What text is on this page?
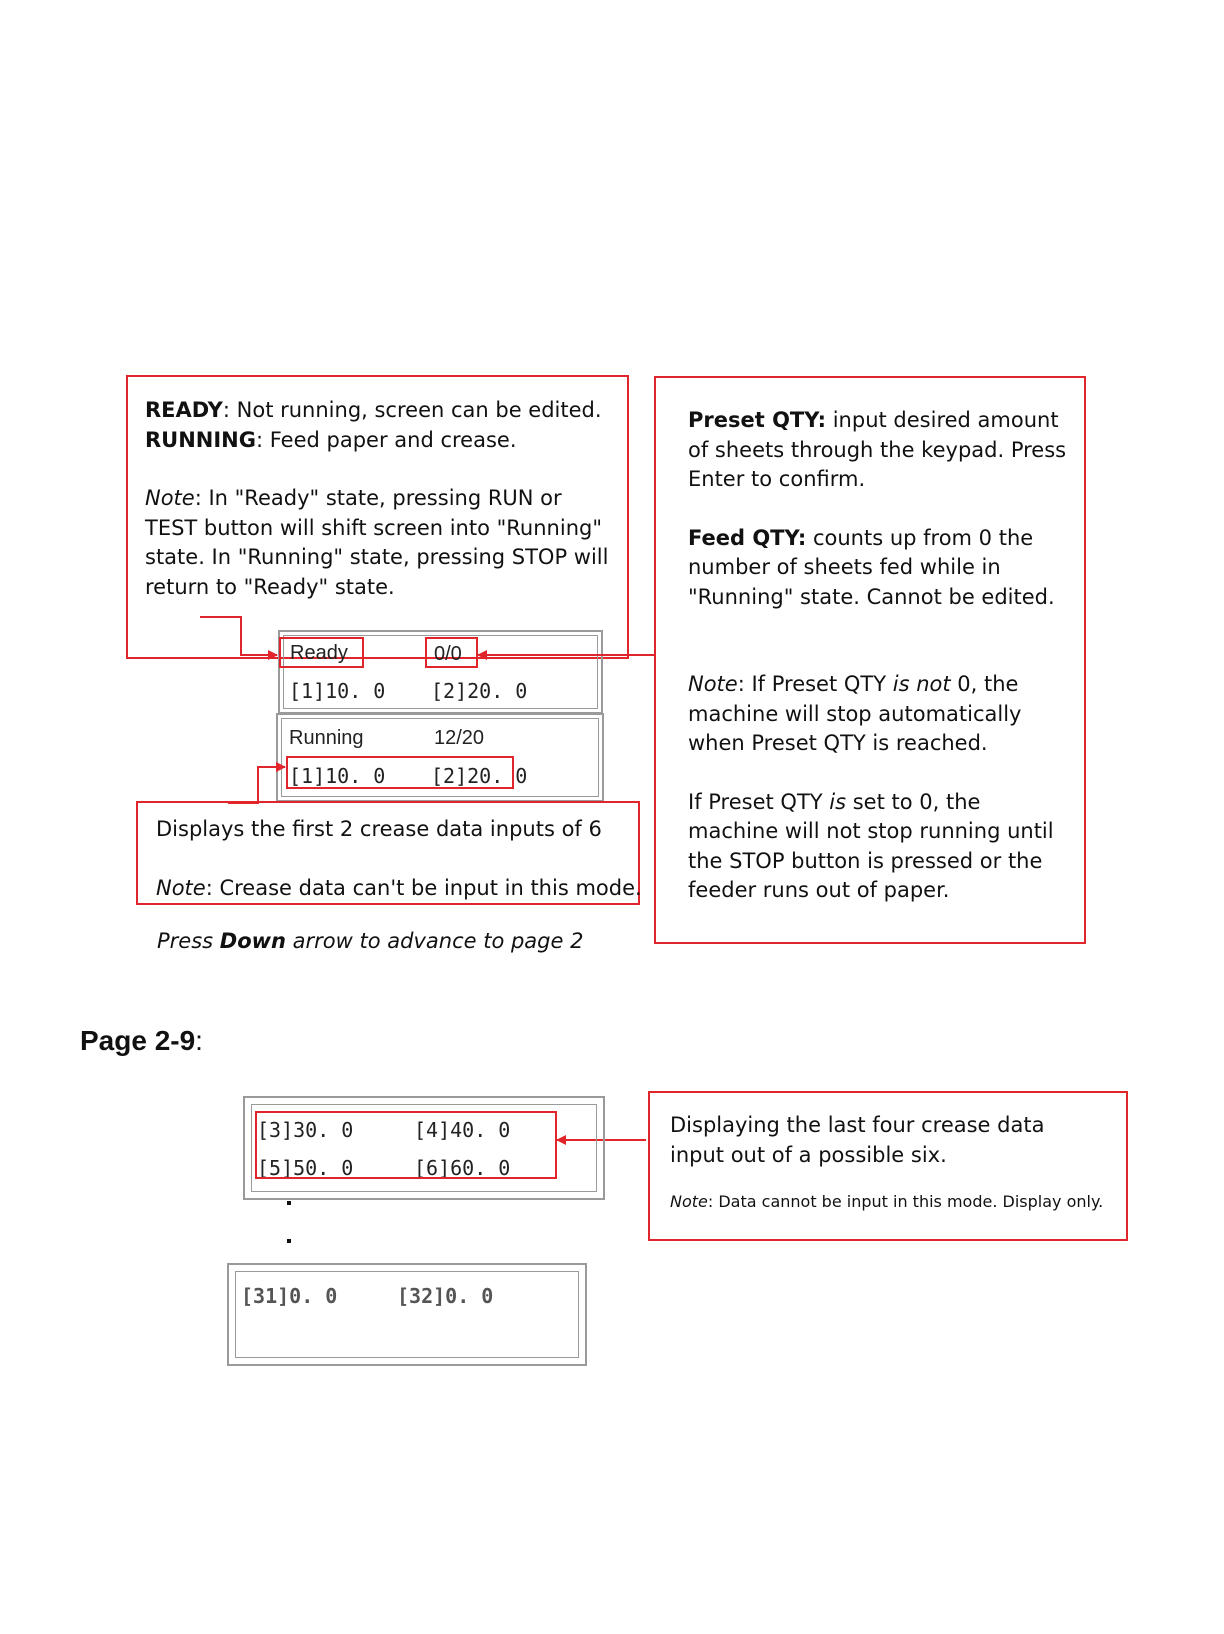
READY: Not running, screen can be edited.
RUNNING: Feed paper and crease.
Note: In "Ready" state, pressing RUN or TEST button will shift screen into "Running" state. In "Running" state, pressing STOP will return to "Ready" state.
Ready	0/0
[1]10. 0 [2]20. 0
Running	12/20
[1]10. 0 [2]20. 0
Displays the first 2 crease data inputs of 6
Note: Crease data can't be input in this mode.
Press Down arrow to advance to page 2
Preset QTY: input desired amount of sheets through the keypad. Press Enter to confirm.
Feed QTY: counts up from 0 the number of sheets fed while in "Running" state. Cannot be edited.
Note: If Preset QTY is not 0, the machine will stop automatically when Preset QTY is reached.
If Preset QTY is set to 0, the machine will not stop running until the STOP button is pressed or the feeder runs out of paper.
Page 2-9:
[3]30. 0	[4]40. 0
[5]50. 0	[6]60. 0
[31]0. 0	[32]0. 0
Displaying the last four crease data input out of a possible six.
Note: Data cannot be input in this mode. Display only.
